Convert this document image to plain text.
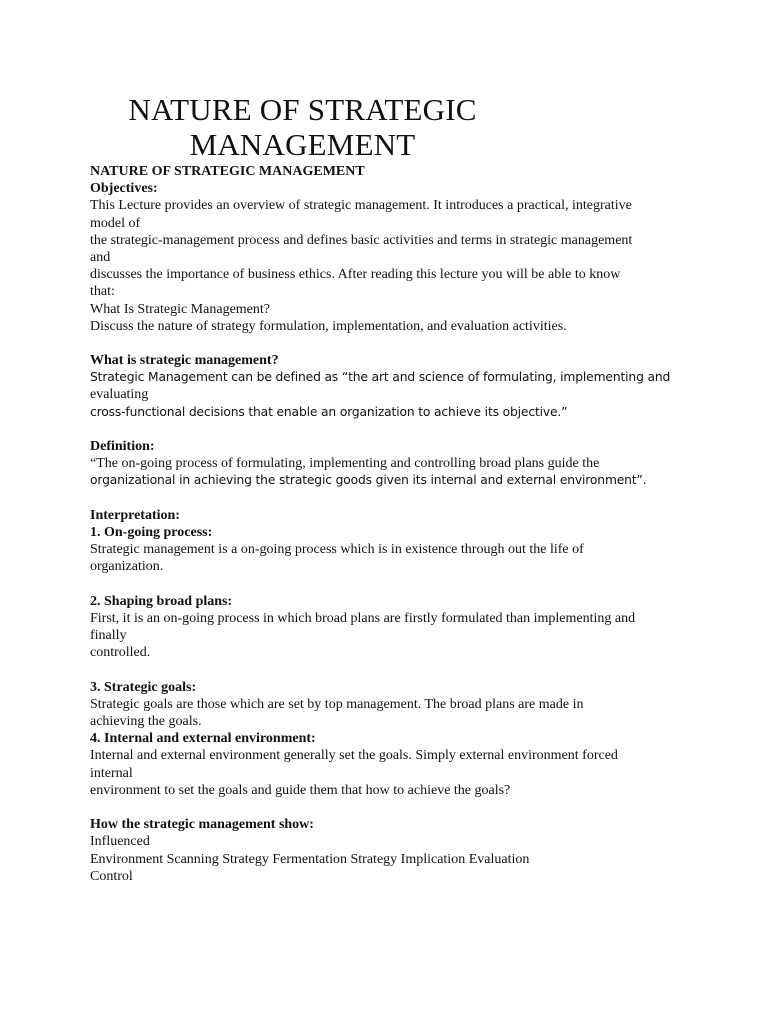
NATURE OF STRATEGIC
MANAGEMENT
NATURE OF STRATEGIC MANAGEMENT
Objectives:
This Lecture provides an overview of strategic management. It introduces a practical, integrative
model of
the strategic-management process and defines basic activities and terms in strategic management
and
discusses the importance of business ethics. After reading this lecture you will be able to know
that:
What Is Strategic Management?
Discuss the nature of strategy formulation, implementation, and evaluation activities.
What is strategic management?
Strategic Management can be defined as “the art and science of formulating, implementing and
evaluating
cross-functional decisions that enable an organization to achieve its objective.”
Definition:
“The on-going process of formulating, implementing and controlling broad plans guide the
organizational in achieving the strategic goods given its internal and external environment”.
Interpretation:
1. On-going process:
Strategic management is a on-going process which is in existence through out the life of
organization.
2. Shaping broad plans:
First, it is an on-going process in which broad plans are firstly formulated than implementing and
finally
controlled.
3. Strategic goals:
Strategic goals are those which are set by top management. The broad plans are made in
achieving the goals.
4. Internal and external environment:
Internal and external environment generally set the goals. Simply external environment forced
internal
environment to set the goals and guide them that how to achieve the goals?
How the strategic management show:
Influenced
Environment Scanning Strategy Fermentation Strategy Implication Evaluation
Control
